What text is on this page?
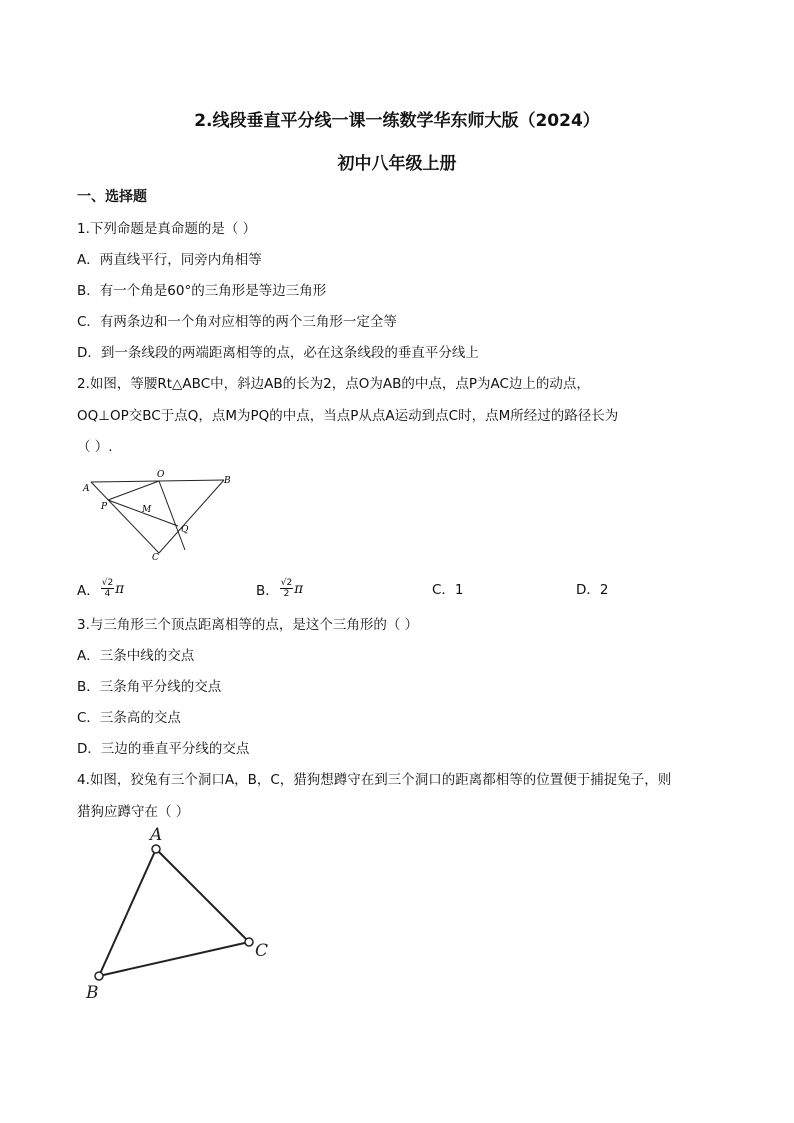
2.线段垂直平分线一课一练数学华东师大版（2024）
初中八年级上册
一、选择题
1.下列命题是真命题的是（ ）
A．两直线平行，同旁内角相等
B．有一个角是60°的三角形是等边三角形
C．有两条边和一个角对应相等的两个三角形一定全等
D．到一条线段的两端距离相等的点，必在这条线段的垂直平分线上
2.如图，等腰Rt△ABC中，斜边AB的长为2，点O为AB的中点，点P为AC边上的动点，
OQ⊥OP交BC于点Q，点M为PQ的中点，当点P从点A运动到点C时，点M所经过的路径长为
（ ）.
A
O
B
P	M
Q
C
A． $\frac{√2}{4}$ π	B． $\frac{√2}{2}$ π	C．1	D．2
3.与三角形三个顶点距离相等的点，是这个三角形的（ ）
A．三条中线的交点
B．三条角平分线的交点
C．三条高的交点
D．三边的垂直平分线的交点
4.如图，狡兔有三个洞口A，B，C，猎狗想蹲守在到三个洞口的距离都相等的位置便于捕捉兔子，则
猎狗应蹲守在（ ）
A
B
C
